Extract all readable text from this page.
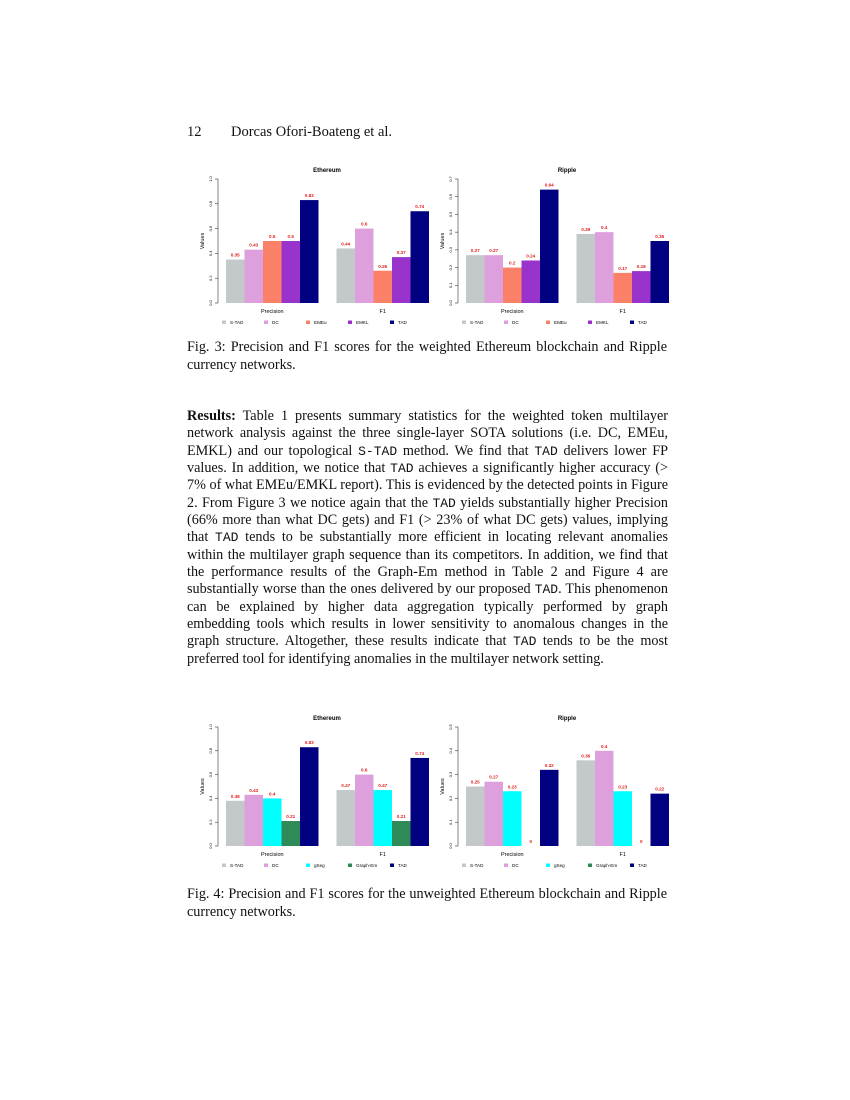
12 Dorcas Ofori-Boateng et al.
Ethereum
0.0
0.2
0.4
0.6
0.8
1.0
Values
0.35
0.43
0.5	0.5
0.83
Precision
0.44
0.6
0.26
0.37
0.74
F1
S-TAD	DC	EMEu	EMKL	TAD
Ripple
0.0
0.1
0.2
0.3
0.4
0.5
0.6
0.7
Values
0.27 0.27
0.2
0.24
0.64
Precision
0.39 0.4
0.17 0.18
0.35
F1
S-TAD	DC	EMEu	EMKL	TAD
Fig. 3: Precision and F1 scores for the weighted Ethereum blockchain and Ripple currency networks.
Results: Table 1 presents summary statistics for the weighted token multilayer network analysis against the three single-layer SOTA solutions (i.e. DC, EMEu, EMKL) and our topological S-TAD method. We find that TAD delivers lower FP values. In addition, we notice that TAD achieves a significantly higher accuracy (> 7% of what EMEu/EMKL report). This is evidenced by the detected points in Figure 2. From Figure 3 we notice again that the TAD yields substantially higher Precision (66% more than what DC gets) and F1 (> 23% of what DC gets) values, implying that TAD tends to be substantially more efficient in locating relevant anomalies within the multilayer graph sequence than its competitors. In addition, we find that the performance results of the Graph-Em method in Table 2 and Figure 4 are substantially worse than the ones delivered by our proposed TAD. This phenomenon can be explained by higher data aggregation typically performed by graph embedding tools which results in lower sensitivity to anomalous changes in the graph structure. Altogether, these results indicate that TAD tends to be the most preferred tool for identifying anomalies in the multilayer network setting.
Ethereum
0.0
0.2
0.4
0.6
0.8
1.0
Values
0.38
0.43
0.4
0.21
0.83
Precision
0.47
0.6
0.47
0.21
0.74
F1
S-TAD	DC	gSeg	Graph-Em	TAD
Ripple
0.0
0.1
0.2
0.3
0.4
0.5
Values	0.25
0.27
0.23
0
0.32
Precision
0.36
0.4
0.23
0
0.22
F1
S-TAD	DC	gSeg	Graph-Em	TAD
Fig. 4: Precision and F1 scores for the unweighted Ethereum blockchain and Ripple currency networks.
